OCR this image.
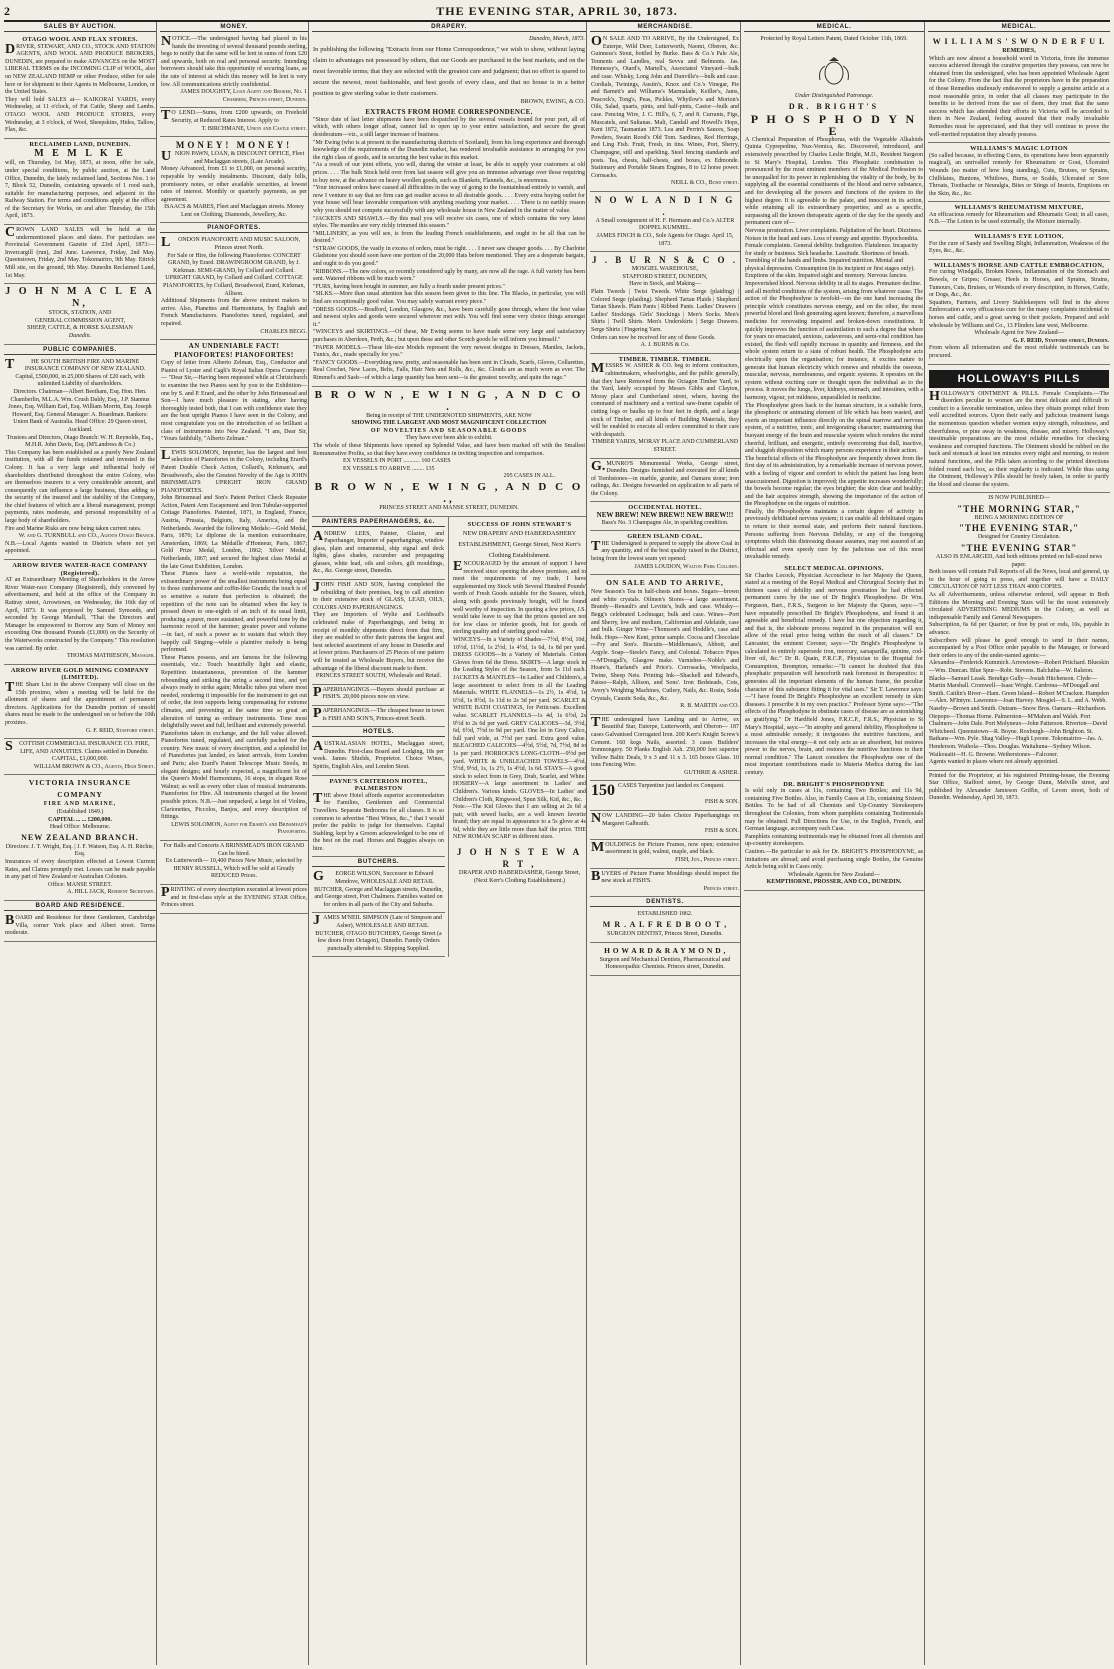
2	THE EVENING STAR, APRIL 30, 1873.
SALES BY AUCTION.
OTAGO WOOL AND FLAX STORES.
DRIVER, STEWART, AND CO., STOCK AND STATION AGENTS, AND WOOL AND PRODUCE BROKERS, DUNEDIN, are prepared to make ADVANCES on the MOST LIBERAL TERMS on the INCOMING CLIP of WOOL, also on NEW ZEALAND HEMP or other Produce, either for sale here or for shipment to their Agents in Melbourne, London, or the United States.
They will hold SALES at— KAIKORAI YARDS, every Wednesday, at 11 o'clock, of Fat Cattle, Sheep and Lambs. OTAGO WOOL AND PRODUCE STORES, every Wednesday, at 3 o'clock, of Wool, Sheepskins, Hides, Tallow, Flax, &c.
RECLAIMED LAND, DUNEDIN.
M E M L K E
will, on Thursday, 1st May, 1873, at noon, offer for sale, under special conditions, by public auction, at the Land Office, Dunedin, the lately reclaimed land, Sections Nos. 1 to 7, Block 52, Dunedin, containing upwards of 1 rood each, suitable for manufacturing purposes, and adjacent to the Railway Station. For terms and conditions apply at the office of the Secretary for Works, on and after Thursday, the 15th April, 1873.
CROWN LAND SALES will be held at the undermentioned places and dates. For particulars see Provincial Government Gazette of 23rd April, 1873:— Invercargill (run), 2nd June. Lawrence, Friday, 2nd May. Queenstown, Friday, 2nd May. Tokomairiro, 9th May. Ettrick Mill site, on the ground, 9th May. Dunedin Reclaimed Land, 1st May.
J O H N M A C L E A N,
STOCK, STATION, AND
GENERAL COMMISSION AGENT,
SHEEP, CATTLE, & HORSE SALESMAN
Dunedin.
PUBLIC COMPANIES.
THE SOUTH BRITISH FIRE AND MARINE INSURANCE COMPANY OF NEW ZEALAND.
Capital, £500,000, in 25,000 Shares of £20 each, with unlimited Liability of shareholders.
Directors. Chairman—Albert Beetham, Esq. Hon. Hen. Chamberlin, M.L.A. Wm. Crush Daldy, Esq., J.P. Stannus Jones, Esq. William Earl, Esq. William Morrin, Esq. Joseph Howard, Esq. General Manager: A. Boardman. Bankers: Union Bank of Australia. Head Office: 29 Queen street, Auckland.
Trustees and Directors, Otago Branch: W. H. Reynolds, Esq., M.H.R. John Davis, Esq. (M'Landress & Co.)
This Company has been established as a purely New Zealand institution, with all the funds retained and invested in the Colony. It has a very large and influential body of shareholders distributed throughout the entire Colony, who are themselves insurers to a very considerable amount, and consequently can influence a large business, thus adding to the security of the insured and the stability of the Company, the chief features of which are a liberal management, prompt payments, rates moderate, and personal responsibility of a large body of shareholders.
Fire and Marine Risks are now being taken current rates.
W. and G. TURNBULL and CO., Agents Otago Branch.
N.B.—Local Agents wanted in Districts where not yet appointed.
ARROW RIVER WATER-RACE COMPANY (Registered).
AT an Extraordinary Meeting of Shareholders in the Arrow River Water-race Company (Registered), duly convened by advertisement, and held at the office of the Company in Rattray street, Arrowtown, on Wednesday, the 16th day of April, 1873. It was proposed by Samuel Symonds, and seconded by George Marshall, "That the Directors and Manager be empowered to Borrow any Sum of Money not exceeding One thousand Pounds (£1,000) on the Security of the Waterworks constructed by the Company." This resolution was carried. By order.
THOMAS MATHIESON, Manager.
ARROW RIVER GOLD MINING COMPANY (LIMITED).
THE Share List in the above Company will close on the 15th proximo, when a meeting will be held for the allotment of shares and the appointment of permanent directors. Applications for the Dunedin portion of unsold shares must be made to the undersigned on or before the 10th proximo.
G. F. REID, Stafford street.
SCOTTISH COMMERCIAL INSURANCE CO. FIRE, LIFE, AND ANNUITIES. Claims settled in Dunedin. CAPITAL, £1,000,000.
WILLIAM BROWN & CO., Agents, High Street.
VICTORIA INSURANCE COMPANY
FIRE AND MARINE,
(Established 1849.)
CAPITAL ... ... £200,000.
Head Office: Melbourne.
NEW ZEALAND BRANCH.
Directors: J. T. Wright, Esq. | J. F. Watson, Esq. A. H. Ritchie, Esq.
Insurances of every description effected at Lowest Current Rates, and Claims promptly met. Losses can be made payable in any part of New Zealand or Australian Colonies.
Office: MANSE STREET.
A. HILL JACK, Resident Secretary.
BOARD AND RESIDENCE.
BOARD and Residence for three Gentlemen, Cambridge Villa, corner York place and Albert street. Terms moderate.
MONEY.
NOTICE.—The undersigned having had placed in his hands the investing of several thousand pounds sterling, begs to notify that the same will be lent in sums of from £20 and upwards, both on real and personal security. Intending borrowers should take this opportunity of securing loans, as the rate of interest at which this money will be lent is very low. All communications strictly confidential.
JAMES DOUGHTY, Loan Agent and Broker, No. 1 Chambers, Princes street, Dunedin.
TO LEND.—Sums, from £200 upwards, on Freehold Security, at Reduced Rates Interest. Apply to
T. BIRCHMANE, Union and Castle street.
MONEY! MONEY!
UNION PAWN, LOAN, & DISCOUNT OFFICE, Fleet and Maclaggan streets, (Late Arcade).
Money Advanced, from £1 to £1,000, on personal security, repayable by weekly instalments. Discount, daily bills, promissory notes, or other available securities, at lowest rates of interest. Monthly or quarterly payments, as per agreement.
ISAACS & MARES, Fleet and Maclaggan streets. Money Lent on Clothing, Diamonds, Jewellery, &c.
PIANOFORTES.
LONDON PIANOFORTE AND MUSIC SALOON, Princes street North.
For Sale or Hire, the following Pianofortes: CONCERT GRAND, by Erard. DRAWINGROOM GRAND, by J. Kirkman. SEMI-GRAND, by Collard and Collard. UPRIGHT GRAND, by Collard and Collard. COTTAGE PIANOFORTES, by Collard, Broadwood, Erard, Kirkman, Allison.
Additional Shipments from the above eminent makers to arrive. Also, Pianettes and Harmoniums, by English and French Manufacturers. Pianofortes tuned, regulated, and repaired.
CHARLES BEGG.
AN UNDENIABLE FACT! PIANOFORTES! PIANOFORTES!
Copy of letter from Alberto Zelman, Esq., Conductor and Pianist of Lyster and Cagli's Royal Italian Opera Company:— "Dear Sir,—Having been requested while at Christchurch to examine the two Pianos sent by you to the Exhibition—one by S. and P. Erard, and the other by John Brinsmead and Son—I have much pleasure in stating, after having thoroughly tested both, that I can with confidence state they are the best upright Pianos I have seen in the Colony, and most congratulate you on the introduction of so brilliant a class of instruments into New Zealand. "I am, Dear Sir, "Yours faithfully, "Alberto Zelman."
LEWIS SOLOMON, Importer, has the largest and best selection of Pianofortes in the Colony, including Erard's Patent Double Check Action, Collard's, Kirkman's, and Broadwood's, also the Greatest Novelty of the Age is JOHN BRINSMEAD'S UPRIGHT IRON GRAND PIANOFORTES.
John Brinsmead and Son's Patent Perfect Check Repeater Action, Patent Arm Escapement and Iron Tubular-supported Cottage Pianofortes. Patented, 1871, in England, France, Austria, Prussia, Belgium, Italy, America, and the Netherlands. Awarded the following Medals:—Gold Medal, Paris, 1870; Le diplome de la mention extraordinaire, Amsterdam, 1869; La Médaille d'Honneur, Paris, 1867; Gold Prize Medal, London, 1862; Silver Medal, Netherlands, 1867; and secured the highest class Medal at the late Great Exhibition, London.
These Pianos have a world-wide reputation, the extraordinary power of the smallest instruments being equal to those cumbersome and coffin-like Grands; the touch is of so sensitive a nature that perfection is obtained; the repetition of the note can be obtained when the key is pressed down to one-eighth of an inch of its usual limit, producing a purer, more sustained, and powerful tone by the harmonic recoil of the hammer; greater power and volume—in fact, of such a power as to sustain that which they happily call Singing—while a plaintive melody is being performed.
These Pianos possess, and are famous for the following essentials, viz.: Touch beautifully light and elastic, Repetition instantaneous, prevention of the hammer rebounding and striking the string a second time, and yet always ready to strike again; Metallic tubes put where most needed, rendering it impossible for the instrument to get out of order, the iron supports being compensating for extreme climates, and preventing at the same time so great an alteration of tuning as ordinary instruments. Tone most delightfully sweet and full, brilliant and extremely powerful.
Pianofortes taken in exchange, and the full value allowed. Pianofortes tuned, regulated, and carefully packed for the country. New music of every description, and a splendid lot of Pianofortes just landed, ex latest arrivals, from London and Paris; also Erard's Patent Telescope Music Stools, in elegant designs; and hourly expected, a magnificent lot of the Queen's Model Harmoniums, 16 stops, in elegant Rose Walnut; as well as every other class of musical instruments. Pianofortes for Hire. All instruments charged at the lowest possible prices. N.B.—Just unpacked, a large lot of Violins, Clarionettes, Piccolos, Banjos, and every description of fittings.
LEWIS SOLOMON, Agent for Erard's and Brinsmead's Pianofortes.
For Balls and Concerts A BRINSMEAD'S IRON GRAND Can be hired.
Ex Lutterworth— 10,400 Pieces New Music, selected by HENRY RUSSELL, Which will be sold at Greatly REDUCED Prices.
PRINTING of every description executed at lowest prices and in first-class style at the EVENING STAR Office, Princes street.
DRAPERY.
Dunedin, March, 1873.
In publishing the following "Extracts from our Home Correspondence," we wish to show, without laying claim to advantages not possessed by others, that our Goods are purchased in the best markets, and on the most favorable terms; that they are selected with the greatest care and judgment; that no effort is spared to secure the newest, most fashionable, and best goods of every class, and that no house is in a better position to give sterling value to their customers.
BROWN, EWING, & CO.
EXTRACTS FROM HOME CORRESPONDENCE.
"Since date of last letter shipments have been despatched by the several vessels bound for your port, all of which, with others longer afloat, cannot fail to open up to your entire satisfaction, and secure the great desideratum—viz., a still larger increase of business.
"Mr Ewing (who is at present in the manufacturing districts of Scotland), from his long experience and thorough knowledge of the requirements of the Dunedin market, has rendered invaluable assistance in arranging for you the right class of goods, and in securing the best value in this market.
"As a result of our joint efforts, you will, during the winter at least, be able to supply your customers at old prices. . . . The bulk Stock held over from last season will give you an immense advantage over those requiring to buy now, at the advance on heavy woollen goods, such as Blankets, Flannels, &c., is enormous.
"Your increased orders have caused all difficulties in the way of going to the fountainhead entirely to vanish, and now I venture to say that no firm can get readier access to all desirable goods. . . . Every extra buying outlet for your house will bear favorable comparison with anything reaching your market. . . . There is no earthly reason why you should not compete successfully with any wholesale house in New Zealand in the matter of value.
"JACKETS AND SHAWLS.—By this mail you will receive six cases, one of which contains the very latest styles. The mantles are very richly trimmed this season."
"MILLINERY, as you will see, is from the leading French establishments, and ought to be all that can be desired."
"STRAW GOODS, the vastly in excess of orders, must be right. . . . I never saw cheaper goods. . . . By Charlotte Gladstone you should soon have one portion of the 20,000 Hats before mentioned. They are a desperate bargain, and ought to do you good."
"RIBBONS.—The new colors, so recently considered ugly by many, are now all the rage. A full variety has been sent. Watered ribbons will be much worn."
"FURS, having been bought in summer, are fully a fourth under present prices."
"SILKS.—More than usual attention has this season been given to this line. The Blacks, in particular, you will find are exceptionally good value. You may safely warrant every piece."
"DRESS GOODS.—Bradford, London, Glasgow, &c., have been carefully gone through, where the best value and newest styles and goods were secured wherever met with. You will find some very choice things amongst it."
"WINCEYS and SKIRTINGS.—Of these, Mr Ewing seems to have made some very large and satisfactory purchases in Aberdeen, Perth, &c.; but upon these and other Scotch goods he will inform you himself."
"PAPER MODELS.—These life-size Models represent the very newest designs in Dresses, Mantles, Jackets, Tunics, &c., made specially for you."
"FANCY GOODS.—Everything new, pretty, and seasonable has been sent in Clouds, Scarfs, Gloves, Collarettes, Real Crochet, New Laces, Belts, Falls, Hair Nets and Rolls, &c., &c. Clouds are as much worn as ever. The Rimmel's and Sash—of which a large quantity has been sent—is the greatest novelty, and quite the rage."
B R O W N , E W I N G , A N D C O .
Being in receipt of THE UNDERNOTED SHIPMENTS, ARE NOW
SHOWING THE LARGEST AND MOST MAGNIFICENT COLLECTION
OF NOVELTIES AND SEASONABLE GOODS
They have ever been able to exhibit.
The whole of these Shipments have opened up Splendid Value, and have been marked off with the Smallest Remunerative Profits, so that they have every confidence in inviting inspection and comparison.
EX VESSELS IN PORT ........... 160 CASES
EX VESSELS TO ARRIVE ........ 135
295 CASES IN ALL.
B R O W N , E W I N G , A N D C O .,
PRINCES STREET AND MANSE STREET, DUNEDIN.
PAINTERS PAPERHANGERS, &c.
ANDREW LEES, Painter, Glazier, and Paperhanger, Importer of paperhangings, window glass, plain and ornamental, ship signal and deck lights, glass shades, cucumber and propagating glasses, white lead, oils and colors, gilt mouldings, &c., &c. George street, Dunedin.
JOHN FISH AND SON, having completed the rebuilding of their premises, beg to call attention to their extensive stock of GLASS, LEAD, OILS, COLORS AND PAPERHANGINGS.
They are Importers of Wylie and Lochhead's celebrated make of Paperhangings, and being in receipt of monthly shipments direct from that firm, they are enabled to offer their patrons the largest and best selected assortment of any house in Dunedin and at lower prices. Purchasers of 25 Pieces of one pattern will be treated as Wholesale Buyers, but receive the advantage of the liberal discount made to them.
PRINCES STREET SOUTH, Wholesale and Retail.
PAPERHANGINGS.—Buyers should purchase at FISH'S. 20,000 pieces now on view.
PAPERHANGINGS.—The cheapest house in town is FISH AND SON'S, Princes-street South.
HOTELS.
AUSTRALASIAN HOTEL, Maclaggan street, Dunedin. First-class Board and Lodging, 18s per week. James Shields, Proprietor. Choice Wines, Spirits, English Ales, and London Stout.
PAYNE'S CRITERION HOTEL, PALMERSTON
THE above Hotel affords superior accommodation for Families, Gentlemen and Commercial Travellers. Separate Bedrooms for all classes. It is so common to advertise "Best Wines, &c.," that I would prefer the public to judge for themselves. Capital Stabling, kept by a Groom acknowledged to be one of the best on the road. Horses and Buggies always on hire.
BUTCHERS.
GEORGE WILSON, Successor to Edward Mendove, WHOLESALE AND RETAIL BUTCHER, George and Maclaggan streets, Dunedin, and George street, Port Chalmers. Families waited on for orders in all parts of the City and Suburbs.
JAMES M'NEIL SIMPSON (Late of Simpson and Asher), WHOLESALE AND RETAIL BUTCHER, OTAGO BUTCHERY, George Street (a few doors from Octagon), Dunedin. Family Orders punctually attended to. Shipping Supplied.
SUCCESS OF JOHN STEWART'S
NEW DRAPERY AND HABERDASHERY ESTABLISHMENT, George Street, Next Kerr's Clothing Establishment.
ENCOURAGED by the amount of support I have received since opening the above premises, and to meet the requirements of my trade, I have supplemented my Stock with Several Hundred Pounds' worth of Fresh Goods suitable for the Season, which, along with goods previously bought, will be found well worthy of inspection. In quoting a few prices, J.S. would take leave to say that the prices quoted are not for low class or inferior goods, but for goods of sterling quality and of sterling good value.
WINCEYS—In a Variety of Shades—7½d, 8½d, 10d, 10½d, 11½d, 1s 2½d, 1s 4½d, 1s 6d, 1s 8d per yard. DRESS GOODS—In a Variety of Materials. Cotton Gloves from 6d the Dress. SKIRTS—A large stock in the Leading Styles of the Season, from 5s 11d each. JACKETS & MANTLES—In Ladies' and Children's, a large assortment to select from in all the Leading Materials. WHITE FLANNELS—1s 2½, 1s 4½d, 1s 6½d, 1s 8½d, 1s 11d to 2s 3d per yard. SCARLET & WHITE BATH COATINGS, for Petticoats. Excellent value. SCARLET FLANNELS—1s 4d, 1s 6½d, 2s 9½d to 2s 6d per yard. GREY CALICOES—3d, 3½d, 6d, 6½d, 7½d to 9d per yard. One lot in Grey Calico, full yard wide, at 7½d per yard. Extra good value. BLEACHED CALICOES—4½d, 5½d, 7d, 7½d, 8d to 1s per yard. HORROCK'S LONG-CLOTH—9½d per yard. WHITE & UNBLEACHED TOWELS—4½d, 5½d, 9½d, 1s, 1s 2½, 1s 4½d, 1s 6d. STAYS—A good stock to select from in Grey, Drab, Scarlet, and White. HOSIERY—A large assortment in Ladies' and Children's. Various kinds. GLOVES—In Ladies' and Children's Cloth, Ringwood, Spun Silk, Kid, &c., &c.
Note.—The Kid Gloves that I am selling at 2s 6d a pair, with sewed backs, are a well known favorite brand; they are equal in appearance to a 5s glove at 4s 6d, while they are little more than half the price. THE NEW ROMAN SCARF in different sizes.
J O H N S T E W A R T ,
DRAPER AND HABERDASHER, George Street, (Next Kerr's Clothing Establishment.)
MERCHANDISE.
ON SALE AND TO ARRIVE, By the Undersigned, Ex Euterpe, Wild Deer, Lutterworth, Naomi, Oberon, &c. Guinness's Stout, bottled by Burke. Bass & Co.'s Pale Ale, Tennents and Landles, real Sevva and Belmonts. Jas. Hennessy's, Otard's, Martell's, Associated Vineyard—bulk and case. Whisky, Long John and Dunville's—bulk and case. Cordials, Twinings, Austin's, Knox and Co.'s Vinegar, Pie and Barnett's and Williams's Marmalade, Keiller's, Jams, Peacock's, Tong's, Peas, Pickles, Whytlow's and Morton's Oils, Salad, quarts, pints, and half-pints, Castor—bulk and case. Fencing Wire, J. C. Hill's, 6, 7, and 8. Currants, Figs, Muscatels, and Sultanas. Malt, Candall and Howell's Hops, Kent 1872, Tasmanian 1873. Lea and Perrin's Sauces, Soap Powders, Swain Rood's Old Tom. Sardines, Red Herrings, and Ling Fish. Fruit, Fresh, in tins. Wines, Port, Sherry, Champagne, still and sparkling. Steel fencing standards and posts. Tea, chests, half-chests, and boxes, ex Edmonde. Stationary and Portable Steam Engines, 8 to 12 horse power. Cornsacks.
NEILL & CO., Bond street.
N O W L A N D I N G .
A Small consignment of H. F. Hermann and Co.'s ALTER DOPPEL KUMMEL.
JAMES FINCH & CO., Sole Agents for Otago. April 15, 1873.
J . B U R N S & C O .
MOSGIEL WAREHOUSE,
STAFFORD STREET, DUNEDIN,
Have in Stock, and Making—
Plain Tweeds | Twist Tweeds. White Serge (plaiding) | Colored Serge (plaiding). Shepherd Tartan Plaids | Shepherd Tartan Shawls. Plain Pants | Ribbed Pants. Ladies' Drawers | Ladies' Stockings. Girls' Stockings | Men's Socks. Men's Shirts | Twill Shirts. Men's Underskirts | Serge Drawers. Serge Shirts | Fingering Yarn.
Orders can now be received for any of these Goods.
A. J. BURNS & Co.
TIMBER. TIMBER. TIMBER.
MESSRS W. ASHER & CO. beg to inform contractors, cabinetmakers, wheelwrights, and the public generally, that they have Removed from the Octagon Timber Yard, to the Yard, lately occupied by Messrs Gibbs and Clayton, Moray place and Cumberland street, where, having the command of machinery and a vertical saw-frame capable of cutting logs or baulks up to four feet in depth, and a large stock of Timber, and all kinds of Building Materials, they will be enabled to execute all orders committed to their care with despatch.
TIMBER YARDS, MORAY PLACE AND CUMBERLAND STREET.
G.MUNRO'S Monumental Works, George street, Dunedin. Designs furnished and executed for all kinds of Tombstones—in marble, granite, and Oamaru stone; iron railings, &c. Designs forwarded on application to all parts of the Colony.
OCCIDENTAL HOTEL.
NEW BREW! NEW BREW!! NEW BREW!!!
Bass's No. 3 Champagne Ale, in sparkling condition.
GREEN ISLAND COAL.
THE Undersigned is prepared to supply the above Coal in any quantity, and of the best quality raised in the District, being from the lowest seam yet opened.
JAMES LOUDON, Walton Park Colliery.
ON SALE AND TO ARRIVE,
New Season's Tea in half-chests and boxes. Sugars—brown and white crystals. Oilmen's Stores—a large assortment. Brandy—Renault's and Levitte's, bulk and case. Whisky—Begg's celebrated Lochnagar, bulk and case. Wines—Port and Sherry, low and medium, Californian and Adelaide, case and bulk. Ginger Wine—Thomson's and Hoddle's, case and bulk. Hops—New Kent, prime sample. Cocoa and Chocolate—Fry and Son's. Biscuits—Middlemass's, Abbott, and Argyle. Soap—Steele's Fancy, and Colonial. Tobacco Pipes—M'Dougall's, Glasgow make. Varnishes—Noble's and Hoare's, Harland's and Price's. Corrosacks, Woolpacks, Twine, Sheep Nets. Printing Ink—Shackell and Edward's, Paisso—Ralph, Allison, and Sons'. Iron Bedsteads, Cots, Avery's Weighing Machines, Cutlery, Nails, &c. Rosin, Soda Crystals, Caustic Soda, &c., &c.
R. B. MARTIN and CO.
THE undersigned have Landing and to Arrive, ex Beautiful Star, Euterpe, Lutterworth, and Oberon— 187 cases Galvanised Corrugated Iron. 200 Kerr's Knight Screw's Cement. 160 kegs Nails, assorted. 3 cases Builders' Ironmongery. 50 Planks English Ash. 250,000 feet superior Yellow Baltic Deals, 9 x 3 and 11 x 3. 165 boxes Glass. 10 tons Fencing Wire.
GUTHRIE & ASHER.
150 CASES Turpentine just landed ex Conquest.
FISH & SON.
NOW LANDING—20 bales Choice Paperhangings ex Margaret Galbraith.
FISH & SON.
MOULDINGS for Picture Frames, now open; extensive assortment in gold, walnut, maple, and black.
FISH, Jun., Princes street.
BUYERS of Picture Frame Mouldings should inspect the new stock at FISH'S.
Princes street.
DENTISTS.
ESTABLISHED 1862.
M R . A L F R E D B O O T ,
SURGEON DENTIST, Princes Street, Dunedin.
H O W A R D & R A Y M O N D ,
Surgeon and Mechanical Dentists, Pharmaceutical and Homoeopathic Chemists. Princes street, Dunedin.
MEDICAL.
Protected by Royal Letters Patent, Dated October 11th, 1869.
Under Distinguished Patronage.
DR. BRIGHT'S
P H O S P H O D Y N E
A Chemical Preparation of Phosphorus, with the Vegetable Alkaloids Quinia Cyprepedine, Nux-Vomica, &c. Discovered, introduced, and extensively prescribed by Charles Leslie Bright, M.D., Resident Surgeon to St Mary's Hospital, London. This Phosphatic combination is pronounced by the most eminent members of the Medical Profession to be unequalled for its power in replenishing the vitality of the body, by its supplying all the essential constituents of the blood and nerve substance, and for developing all the powers and functions of the system to the highest degree. It is agreeable to the palate, and innocent in its action, while retaining all its extraordinary properties; and as a specific, surpassing all the known therapeutic agents of the day for the speedy and permanent cure of—
Nervous prostration. Liver complaints. Palpitation of the heart. Dizziness. Noises in the head and ears. Loss of energy and appetite. Hypochondria. Female complaints. General debility. Indigestion. Flatulence. Incapacity for study or business. Sick headache. Lassitude. Shortness of breath. Trembling of the hands and limbs. Impaired nutrition. Mental and physical depression. Consumption (in its incipient or first stages only). Eruptions of the skin. Impaired sight and memory. Nervous fancies. Impoverished blood. Nervous debility in all its stages. Premature decline.
and all morbid conditions of the system, arising from whatever cause. The action of the Phosphodyne is twofold—on the one hand increasing the principle which constitutes nervous energy, and on the other, the most powerful blood and flesh generating agent known; therefore, a marvellous medicine for renovating impaired and broken-down constitutions. It quickly improves the function of assimilation to such a degree that where for years no emaciated, anxious, cadaverous, and semi-vital condition has existed, the flesh will rapidly increase in quantity and firmness, and the whole system return to a state of robust health. The Phosphodyne acts electrically upon the organisation; for instance, it excites nature to generate that human electricity which renews and rebuilds the osseous, muscular, nervous, membranous, and organic systems. It operates on the system without exciting care or thought upon the individual as to the process. It moves the lungs, liver, kidneys, stomach, and intestines, with a harmony, vigour, yet mildness, unparalleled in medicine.
The Phosphodyne gives back to the human structure, in a suitable form, the phosphoric or animating element of life which has been wasted, and exerts an important influence directly on the spinal marrow and nervous system, of a nutritive, tonic, and invigorating character; maintaining that buoyant energy of the brain and muscular system which renders the mind cheerful, brilliant, and energetic, entirely overcoming that dull, inactive, and sluggish disposition which many persons experience in their action.
The beneficial effects of the Phosphodyne are frequently shown from the first day of its administration, by a remarkable increase of nervous power, with a feeling of vigour and comfort to which the patient has long been unaccustomed. Digestion is improved; the appetite increases wonderfully; the bowels become regular; the eyes brighter; the skin clear and healthy; and the hair acquires strength, showing the importance of the action of the Phosphodyne on the organs of nutrition.
Finally, the Phosphodyne maintains a certain degree of activity in previously debilitated nervous system; it can enable all debilitated organs to return to their normal state, and perform their natural functions. Persons suffering from Nervous Debility, or any of the foregoing symptoms which this distressing disease assumes, may rest assured of an effectual and even speedy cure by the judicious use of this most invaluable remedy.
SELECT MEDICAL OPINIONS.
Sir Charles Locock, Physician Accoucheur to her Majesty the Queen, stated at a meeting of the Royal Medical and Chirurgical Society that in thirteen cases of debility and nervous prostration he had effected permanent cures by the use of Dr Bright's Phosphodyne. Dr Wm. Ferguson, Bart., F.R.S., Surgeon to her Majesty the Queen, says:—"I have repeatedly prescribed Dr Bright's Phosphodyne, and found it an agreeable and beneficial remedy. I have but one objection regarding it, and that is, the elaborate process required in the preparation will not allow of the retail price being within the reach of all classes." Dr Lancaster, the eminent Coroner, says:—"Dr Bright's Phosphodyne is calculated to entirely supersede iron, mercury, sarsaparilla, quinine, cod-liver oil, &c." Dr R. Quain, F.R.C.P., Physician to the Hospital for Consumption, Brompton, remarks:—"It cannot be doubted that this phosphatic preparation will henceforth rank foremost in therapeutics: it generates all the important elements of the human frame, the peculiar character of this substance fitting it for vital uses." Sir T. Lawrence says:—"I have found Dr Bright's Phosphodyne an excellent remedy in skin diseases. I prescribe it in my own practice." Professor Syme says:—"The effects of the Phosphodyne in obstinate cases of disease are as astonishing as gratifying." Dr Hardfield Jones, F.R.C.P., F.R.S., Physician to St Mary's Hospital, says:—"In atrophy and general debility, Phosphodyne is a most admirable remedy; it invigorates the nutritive functions, and increases the vital energy—it not only acts as an absorbent, but restores power to the nerves, brain, and restores the nutritive functions to their normal condition." The Lancet considers the Phosphodyne one of the most important contributions made to Materia Medica during the last century.
DR. BRIGHT'S PHOSPHODYNE
Is sold only in cases at 11s, containing Two Bottles; and 11s 9d, containing Five Bottles. Also, in Family Cases at 13s, containing Sixteen Bottles. To be had of all Chemists and Up-Country Storekeepers throughout the Colonies, from whom pamphlets containing Testimonials may be obtained. Full Directions for Use, in the English, French, and German language, accompany each Case.
Pamphlets containing testimonials may be obtained from all chemists and up-country storekeepers.
Caution.—Be particular to ask for Dr. BRIGHT'S PHOSPHODYNE, as imitations are abroad; and avoid purchasing single Bottles, the Genuine Article being sold in Cases only.
Wholesale Agents for New Zealand—
KEMPTHORNE, PROSSER, AND CO., DUNEDIN.
MEDICAL.
W I L L I A M S ' S W O N D E R F U L
REMEDIES,
Which are now almost a household word in Victoria, from the immense success achieved through the curative properties they possess, can now be obtained from the undersigned, who has been appointed Wholesale Agent for the Colony. From the fact that the proprietors have in the preparation of those Remedies studiously endeavored to supply a genuine article at a most reasonable price, in order that all classes may participate in the benefits to be derived from the use of them, they trust that the same success which has attended their efforts in Victoria will be accorded to them in New Zealand, feeling assured that their really invaluable Remedies must be appreciated, and that they will continue to prove the well-merited reputation they already possess.
WILLIAMS'S MAGIC LOTION
(So called because, in effecting Cures, its operations have been apparently magical), an unrivalled remedy for Rheumatism or Gout, Ulcerated Wounds (no matter of how long standing), Cuts, Bruises, or Sprains, Chilblains, Bunions, Whitlows, Burns, or Scalds, Ulcerated or Sore Throats, Toothache or Neuralgia, Bites or Stings of Insects, Eruptions on the Skin, &c., &c.
WILLIAMS'S RHEUMATISM MIXTURE,
An efficacious remedy for Rheumatism and Rheumatic Gout; in all cases, N.B.—The Lotion to be used externally, the Mixture internally.
WILLIAMS'S EYE LOTION,
For the cure of Sandy and Swelling Blight, Inflammation, Weakness of the Eyes, &c., &c.
WILLIAMS'S HORSE AND CATTLE EMBROCATION,
For curing Windgalls, Broken Knees, Inflammation of the Stomach and Bowels, or Gripes; Grease; Heels in Horses, and Sprains, Strains, Tumours, Cuts, Bruises, or Wounds of every description, in Horses, Cattle, or Dogs, &c., &c.
Squatters, Farmers, and Livery Stablekeepers will find in the above Embrocation a very efficacious cure for the many complaints incidental to horses and cattle, and a great saving to their pockets. Prepared and sold wholesale by Williams and Co., 13 Flinders lane west, Melbourne.
Wholesale Agent for New Zealand—
G. F. REID, Stafford street, Dunedin.
From whom all information and the most reliable testimonials can be procured.
HOLLOWAY'S PILLS
HOLLOWAY'S OINTMENT & PILLS. Female Complaints.—The disorders peculiar to women are the most delicate and difficult to conduct to a favorable termination, unless they obtain prompt relief from well accredited sources. Upon their early and judicious treatment hangs the momentous question whether women enjoy strength, robustness, and cheerfulness, or pine away in weakness, disease, and misery. Holloway's inestimable preparations are the most reliable remedies for checking weakness and corrupted functions. The Ointment should be rubbed on the back and stomach at least ten minutes every night and morning, to restore natural functions, and the Pills taken according to the printed directions folded round each box, as their regularity is indicated. While thus using the Ointment, Holloway's Pills should be freely taken, in order to purify the blood and cleanse the system.
IS NOW PUBLISHED—
"THE MORNING STAR,"
BEING A MORNING EDITION OF
"THE EVENING STAR,"
Designed for Country Circulation.
"THE EVENING STAR"
ALSO IS ENLARGED, And both editions printed on full-sized news paper.
Both issues will contain Full Reports of all the News, local and general, up to the hour of going to press, and together will have a DAILY CIRCULATION OF NOT LESS THAN 4000 COPIES.
As all Advertisements, unless otherwise ordered, will appear in Both Editions the Morning and Evening Stars will be the most extensively circulated ADVERTISING MEDIUMS in the Colony, as well as indispensable Family and General Newspapers.
Subscription, 6s 6d per Quarter; or free by post or rods, 10s, payable in advance.
Subscribers will please be good enough to send in their names, accompanied by a Post Office order payable to the Manager, or forward their orders to any of the under-named agents:—
Alexandra—Frederick Kummich. Arrowtown—Robert Pritchard. Blueskin—Wm. Duncan. Blue Spur—Robt. Stevens. Balclutha—W. Ralston. Blacks—Samuel Leask. Bendigo Gully—Josiah Hitchenson. Clyde—Martin Marshall. Cromwell—Isaac Wright. Cardrona—M'Dougall and Smith. Caitlin's River—Ham. Green Island—Robert M'Cracken. Hampden—Alex. M'Intyre. Lawrence—Joan Harvey. Mosgiel—S. L. and A. Webb. Naseby—Brown and Smith. Outram—Snow Bros. Oamaru—Richardson. Otepopo—Thomas Horne. Palmerston—M'Mahon and Walsh. Port Chalmers—John Dale. Port Molyneux—John Patterson. Riverton—David Whitcheed. Queenstown—R. Boyne. Roxburgh—John Brighton. St. Bathans—Wm. Pyle. Shag Valley—Hugh Lyeone. Tokomairiro—Jas. A. Henderson. Waihola—Thos. Douglas. Waitahuna—Sydney Wilson. Waikouaiti—H. G. Browne. Wetherstones—Falconer.
Agents wanted in places where not already appointed.
Printed for the Proprietor, at his registered Printing-house, the Evening Star Office, Stafford street, by George Dunn, Melville street, and published by Alexander Jamieson Griffin, of Leven street, both of Dunedin. Wednesday, April 30, 1873.
